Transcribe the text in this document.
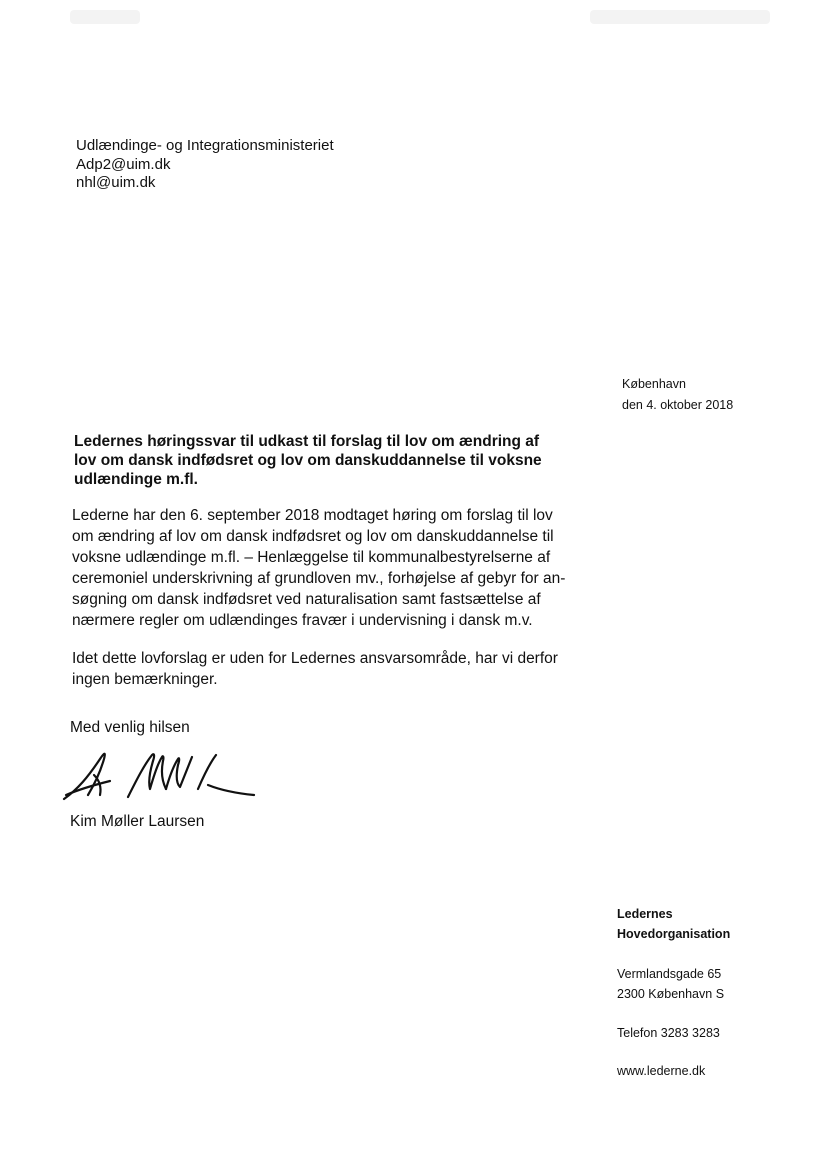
Udlændinge- og Integrationsministeriet
Adp2@uim.dk
nhl@uim.dk
København
den 4. oktober 2018
Ledernes høringssvar til udkast til forslag til lov om ændring af
lov om dansk indfødsret og lov om danskuddannelse til voksne
udlændinge m.fl.

Lederne har den 6. september 2018 modtaget høring om forslag til lov
om ændring af lov om dansk indfødsret og lov om danskuddannelse til
voksne udlændinge m.fl. – Henlæggelse til kommunalbestyrelserne af
ceremoniel underskrivning af grundloven mv., forhøjelse af gebyr for an-
søgning om dansk indfødsret ved naturalisation samt fastsættelse af
nærmere regler om udlændinges fravær i undervisning i dansk m.v.

Idet dette lovforslag er uden for Ledernes ansvarsområde, har vi derfor
ingen bemærkninger.

Med venlig hilsen
Kim Møller Laursen
Ledernes
Hovedorganisation
Vermlandsgade 65
2300 København S
Telefon 3283 3283
www.lederne.dk
